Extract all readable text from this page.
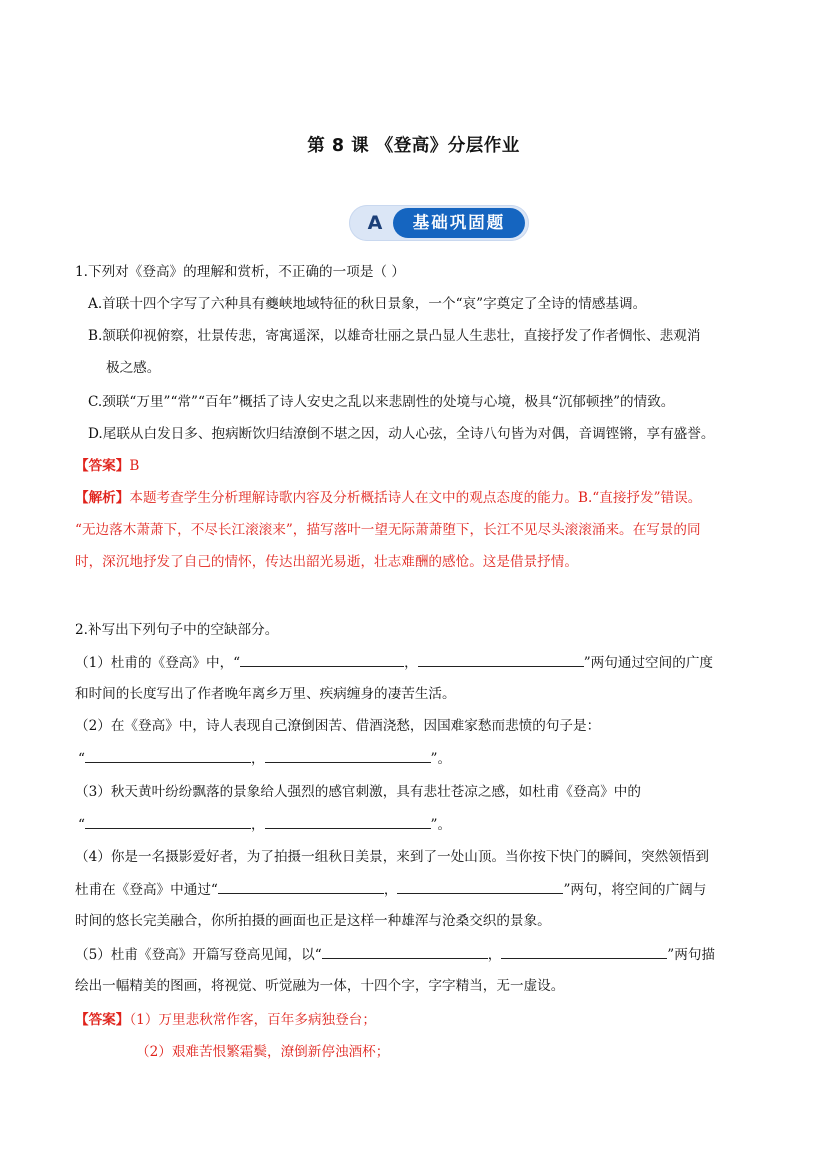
第 8 课 《登高》分层作业
A	基础巩固题
1.下列对《登高》的理解和赏析，不正确的一项是（ ）
A.首联十四个字写了六种具有夔峡地域特征的秋日景象，一个“哀”字奠定了全诗的情感基调。
B.颔联仰视俯察，壮景传悲，寄寓遥深，以雄奇壮丽之景凸显人生悲壮，直接抒发了作者惆怅、悲观消
极之感。
C.颈联“万里”“常”“百年”概括了诗人安史之乱以来悲剧性的处境与心境，极具“沉郁顿挫”的情致。
D.尾联从白发日多、抱病断饮归结潦倒不堪之因，动人心弦，全诗八句皆为对偶，音调铿锵，享有盛誉。
【答案】B
【解析】本题考查学生分析理解诗歌内容及分析概括诗人在文中的观点态度的能力。B.“直接抒发”错误。
“无边落木萧萧下，不尽长江滚滚来”，描写落叶一望无际萧萧堕下，长江不见尽头滚滚涌来。在写景的同
时，深沉地抒发了自己的情怀，传达出韶光易逝，壮志难酬的感怆。这是借景抒情。
2.补写出下列句子中的空缺部分。
（1）杜甫的《登高》中，“	，	”两句通过空间的广度
和时间的长度写出了作者晚年离乡万里、疾病缠身的凄苦生活。
（2）在《登高》中，诗人表现自己潦倒困苦、借酒浇愁，因国难家愁而悲愤的句子是：
“	，	”。
（3）秋天黄叶纷纷飘落的景象给人强烈的感官刺激，具有悲壮苍凉之感，如杜甫《登高》中的
“	，	”。
（4）你是一名摄影爱好者，为了拍摄一组秋日美景，来到了一处山顶。当你按下快门的瞬间，突然领悟到
杜甫在《登高》中通过“	，	”两句，将空间的广阔与
时间的悠长完美融合，你所拍摄的画面也正是这样一种雄浑与沧桑交织的景象。
（5）杜甫《登高》开篇写登高见闻，以“	，	”两句描
绘出一幅精美的图画，将视觉、听觉融为一体，十四个字，字字精当，无一虚设。
【答案】（1）万里悲秋常作客，百年多病独登台；
（2）艰难苦恨繁霜鬓，潦倒新停浊酒杯；
